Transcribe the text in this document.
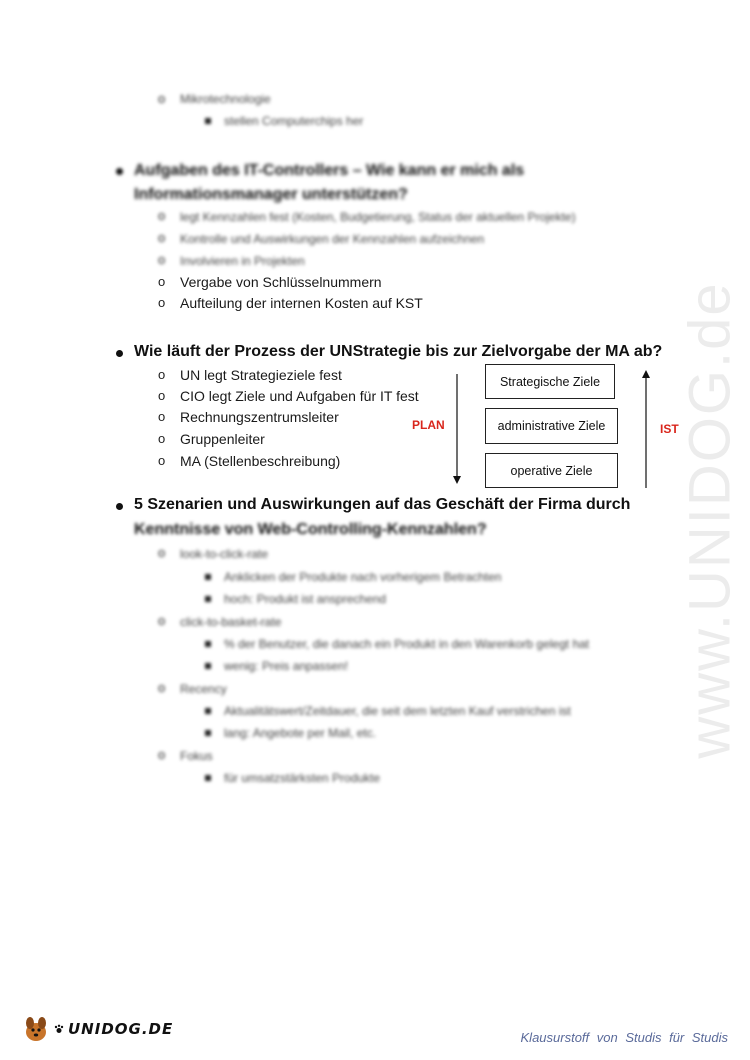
www.UNIDOG.de
o Mikrotechnologie
stellen Computerchips her
Aufgaben des IT-Controllers – Wie kann er mich als
Informationsmanager unterstützen?
o legt Kennzahlen fest (Kosten, Budgetierung, Status der aktuellen Projekte)
o Kontrolle und Auswirkungen der Kennzahlen aufzeichnen
o Involvieren in Projekten
o Vergabe von Schlüsselnummern
o Aufteilung der internen Kosten auf KST
Wie läuft der Prozess der UNStrategie bis zur Zielvorgabe der MA ab?
o UN legt Strategieziele fest
o CIO legt Ziele und Aufgaben für IT fest
o Rechnungszentrumsleiter
o Gruppenleiter
o MA (Stellenbeschreibung)
PLAN	IST
Strategische Ziele
administrative Ziele
operative Ziele
5 Szenarien und Auswirkungen auf das Geschäft der Firma durch
Kenntnisse von Web-Controlling-Kennzahlen?
o look-to-click-rate
Anklicken der Produkte nach vorherigem Betrachten
hoch: Produkt ist ansprechend
o click-to-basket-rate
% der Benutzer, die danach ein Produkt in den Warenkorb gelegt hat
wenig: Preis anpassen!
o Recency
Aktualitätswert/Zeitdauer, die seit dem letzten Kauf verstrichen ist
lang: Angebote per Mail, etc.
o Fokus
für umsatzstärksten Produkte
UNIDOG.DE	Klausurstoff von Studis für Studis
